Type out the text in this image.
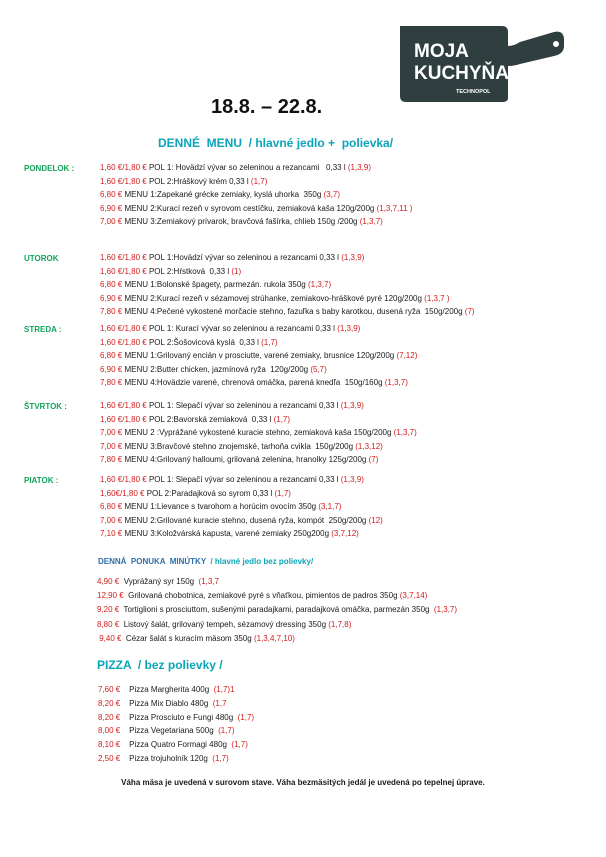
MOJA
KUCHYŇA
TECHNOPOL
18.8. – 22.8.
DENNÉ  MENU  / hlavné jedlo +  polievka/
PONDELOK :	1,60 €/1,80 € POL 1: Hovädzí vývar so zeleninou a rezancami   0,33 l (1,3,9)
1,60 €/1,80 € POL 2:Hráškový krém 0,33 l (1,7)
6,80 € MENU 1:Zapekané grécke zemiaky, kyslá uhorka  350g (3,7)
6,90 € MENU 2:Kurací rezeň v syrovom cestíčku, zemiaková kaša 120g/200g (1,3,7,11 )
7,00 € MENU 3:Zemiakový prívarok, bravčová fašírka, chlieb 150g /200g (1,3,7)
UTOROK	1,60 €/1,80 € POL 1:Hovädzí vývar so zeleninou a rezancami 0,33 l (1,3,9)
1,60 €/1,80 € POL 2:Hŕstková  0,33 l (1)
6,80 € MENU 1:Bolonské špagety, parmezán. rukola 350g (1,3,7)
6,90 € MENU 2:Kurací rezeň v sézamovej strúhanke, zemiakovo-hráškové pyré 120g/200g (1,3,7 )
7,80 € MENU 4:Pečené vykostené morčacie stehno, fazuľka s baby karotkou, dusená ryža  150g/200g (7)
STREDA :	1,60 €/1,80 € POL 1: Kurací vývar so zeleninou a rezancami 0,33 l (1,3,9)
1,60 €/1,80 € POL 2:Šošovicová kyslá  0,33 l (1,7)
6,80 € MENU 1:Grilovaný encián v prosciutte, varené zemiaky, brusnice 120g/200g (7,12)
6,90 € MENU 2:Butter chicken, jazmínová ryža  120g/200g (5,7)
7,80 € MENU 4:Hovädzie varené, chrenová omáčka, parená knedľa  150g/160g (1,3,7)
ŠTVRTOK :	1,60 €/1,80 € POL 1: Slepačí vývar so zeleninou a rezancami 0,33 l (1,3,9)
1,60 €/1,80 € POL 2:Bavorská zemiaková  0,33 l (1,7)
7,00 € MENU 2 :Vyprážané vykostené kuracie stehno, zemiaková kaša 150g/200g (1,3,7)
7,00 € MENU 3:Bravčové stehno znojemské, tarhoňa cvikla  150g/200g (1,3,12)
7,80 € MENU 4:Grilovaný halloumi, grilovaná zelenina, hranolky 125g/200g (7)
PIATOK :	1,60 €/1,80 € POL 1: Slepačí vývar so zeleninou a rezancami 0,33 l (1,3,9)
1,60€/1,80 € POL 2:Paradajková so syrom 0,33 l (1,7)
6,80 € MENU 1:Lievance s tvarohom a horúcim ovocím 350g (3,1,7)
7,00 € MENU 2:Grilované kuracie stehno, dusená ryža, kompót  250g/200g (12)
7,10 € MENU 3:Koložvárská kapusta, varené zemiaky 250g200g (3,7,12)
DENNÁ  PONUKA  MINÚTKY  / hlavné jedlo bez polievky/
4,90 €  Vyprážaný syr 150g  (1,3,7
12,90 €  Grilovaná chobotnica, zemiakové pyré s vňaťkou, pimientos de padros 350g (3,7,14)
9,20 €  Tortiglioni s prosciuttom, sušenými paradajkami, paradajková omáčka, parmezán 350g  (1,3,7)
8,80 €  Listový šalát, grilovaný tempeh, sézamový dressing 350g (1,7,8)
9,40 €  Cézar šalát s kuracím mäsom 350g (1,3,4,7,10)
PIZZA  / bez polievky /
7,60 €    Pizza Margherita 400g  (1,7)1
8,20 €    Pizza Mix Diablo 480g  (1,7
8,20 €    Pizza Prosciuto e Fungi 480g  (1,7)
8,00 €    Pizza Vegetariana 500g  (1,7)
8,10 €    Pizza Quatro Formagi 480g  (1,7)
2,50 €    Pizza trojuholník 120g  (1,7)
Váha mäsa je uvedená v surovom stave. Váha bezmäsitých jedál je uvedená po tepelnej úprave.
